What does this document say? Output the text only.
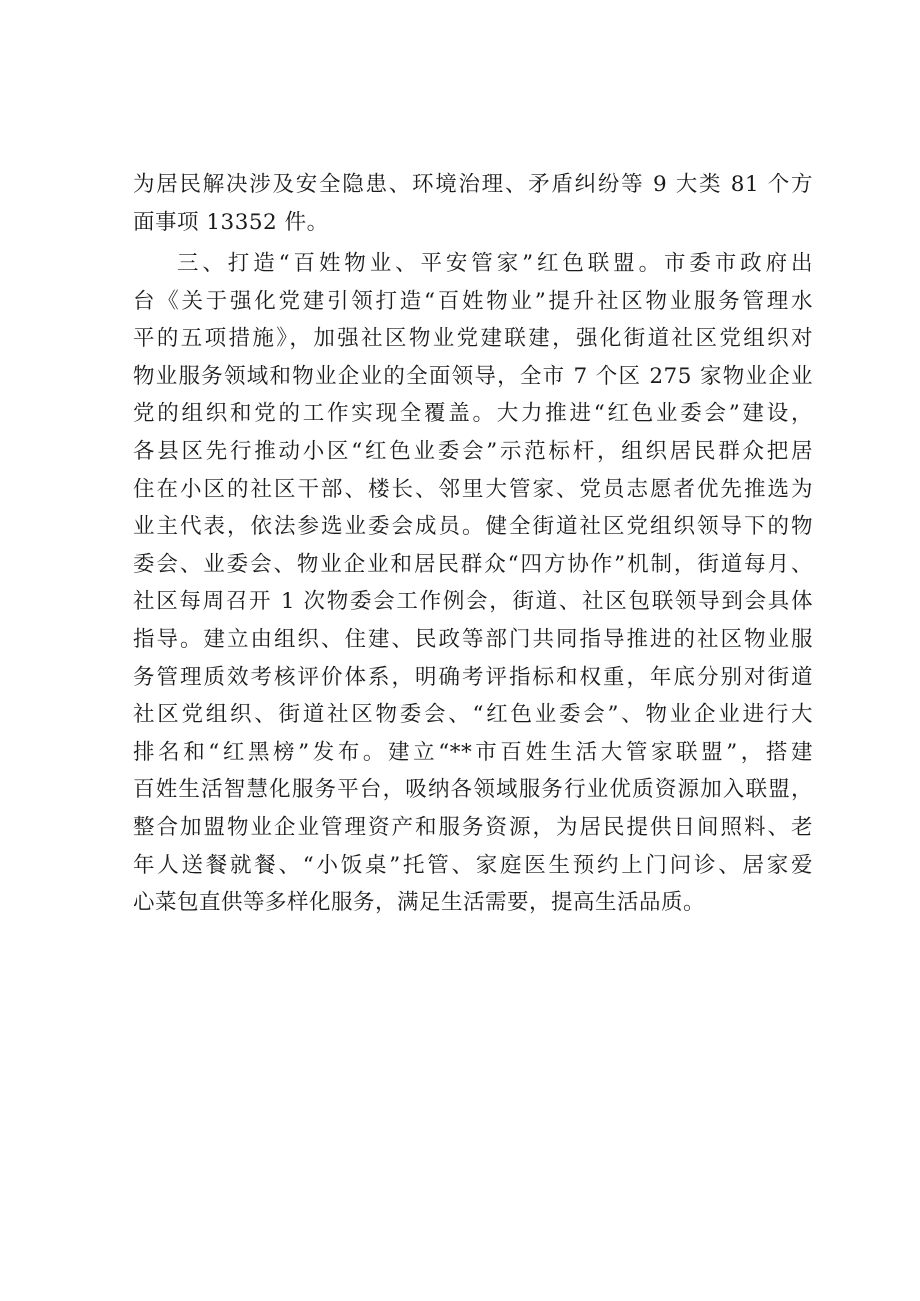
为居民解决涉及安全隐患、环境治理、矛盾纠纷等 9 大类 81 个方
面事项 13352 件。
三、打造“百姓物业、平安管家”红色联盟。市委市政府出
台《关于强化党建引领打造“百姓物业”提升社区物业服务管理水
平的五项措施》，加强社区物业党建联建，强化街道社区党组织对
物业服务领域和物业企业的全面领导，全市 7 个区 275 家物业企业
党的组织和党的工作实现全覆盖。大力推进“红色业委会”建设，
各县区先行推动小区“红色业委会”示范标杆，组织居民群众把居
住在小区的社区干部、楼长、邻里大管家、党员志愿者优先推选为
业主代表，依法参选业委会成员。健全街道社区党组织领导下的物
委会、业委会、物业企业和居民群众“四方协作”机制，街道每月、
社区每周召开 1 次物委会工作例会，街道、社区包联领导到会具体
指导。建立由组织、住建、民政等部门共同指导推进的社区物业服
务管理质效考核评价体系，明确考评指标和权重，年底分别对街道
社区党组织、街道社区物委会、“红色业委会”、物业企业进行大
排名和“红黑榜”发布。建立“**市百姓生活大管家联盟”，搭建
百姓生活智慧化服务平台，吸纳各领域服务行业优质资源加入联盟，
整合加盟物业企业管理资产和服务资源，为居民提供日间照料、老
年人送餐就餐、“小饭桌”托管、家庭医生预约上门问诊、居家爱
心菜包直供等多样化服务，满足生活需要，提高生活品质。
